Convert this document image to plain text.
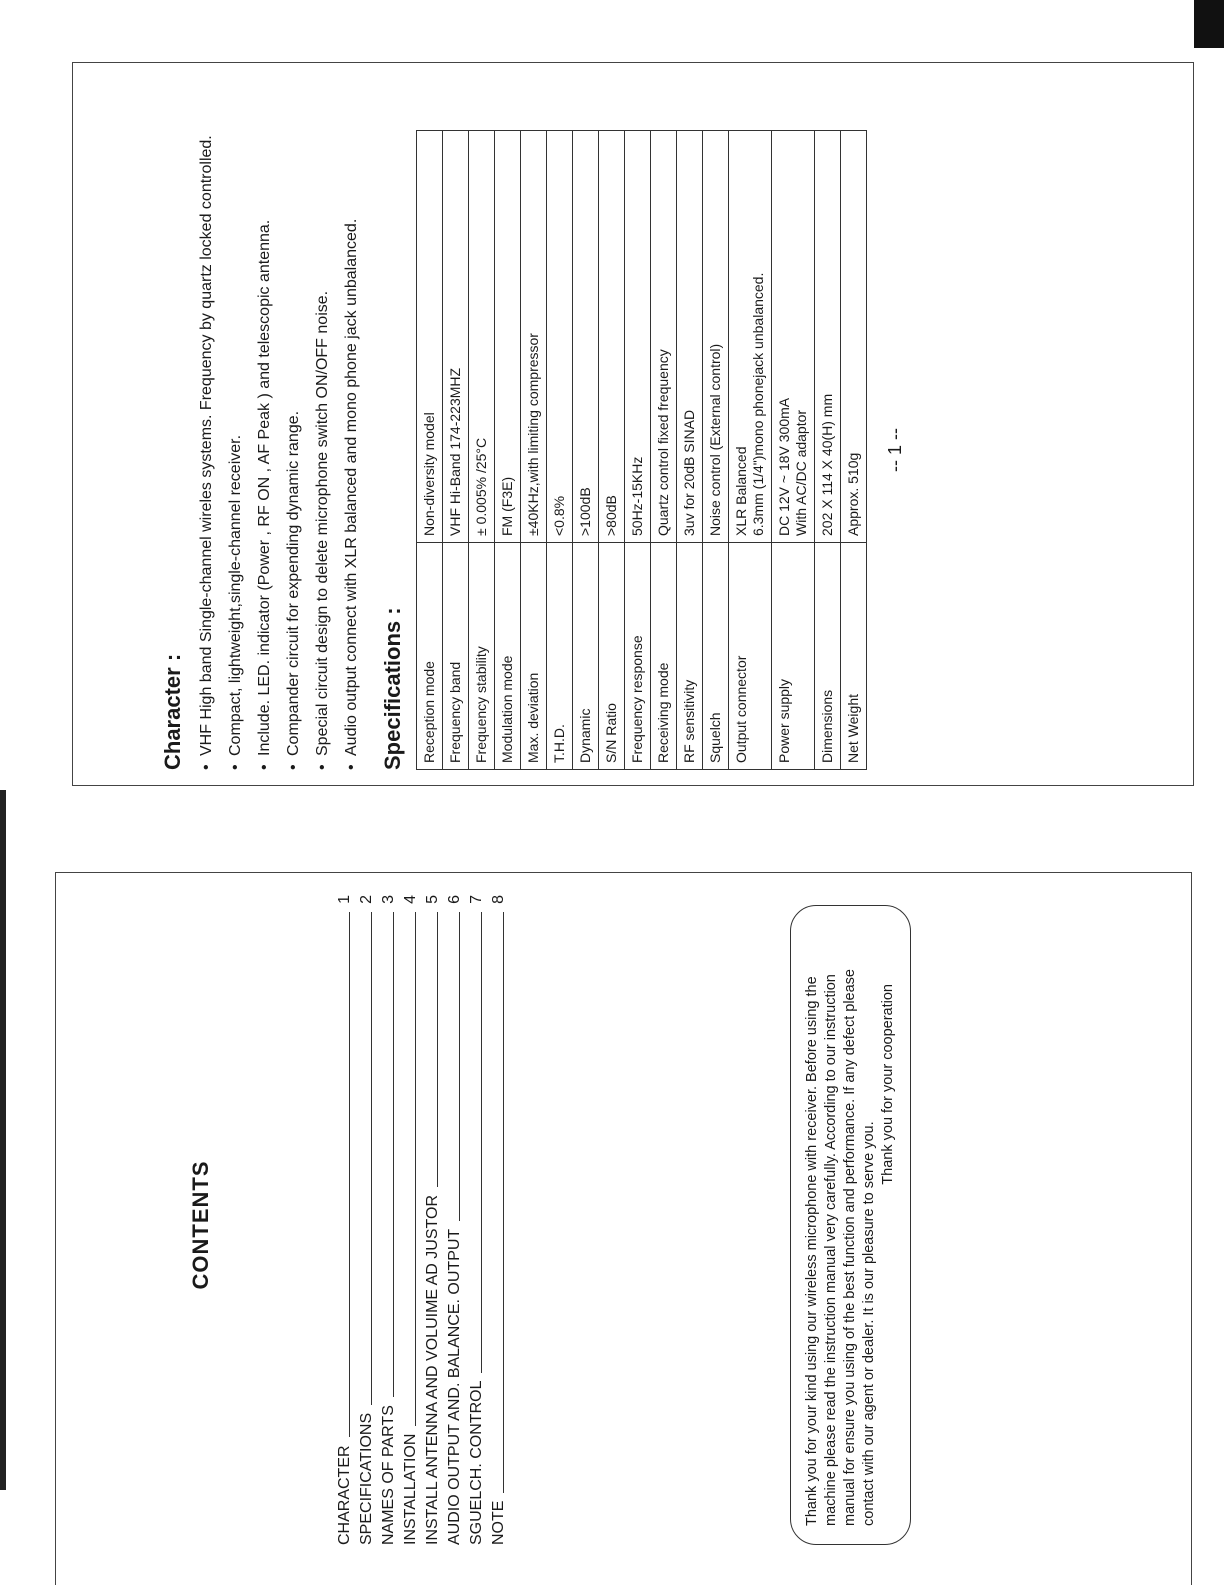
Character : • VHF High band Single-channel wireles systems. Frequency by quartz locked controlled. • Compact, lightweight,single-channel receiver. • Include. LED. indicator (Power , RF ON , AF Peak ) and telescopic antenna. • Compander circuit for expending dynamic range. • Special circuit design to delete microphone switch ON/OFF noise. • Audio output connect with XLR balanced and mono phone jack unbalanced. Specifications : Reception mode	Non-diversity model
Frequency band	VHF Hi-Band 174-223MHZ
Frequency stability	± 0.005% /25°C
Modulation mode	FM (F3E)
Max. deviation	±40KHz,with limiting compressor
T.H.D.	<0.8%
Dynamic	>100dB
S/N Ratio	>80dB
Frequency response	50Hz-15KHz
Receiving mode	Quartz control fixed frequency
RF sensitivity	3uv for 20dB SINAD
Squelch	Noise control (External control)
Output connector	XLR Balanced 6.3mm (1/4")mono phonejack unbalanced.

Power supply	DC 12V ~ 18V 300mA With AC/DC adaptor

Dimensions	202 X 114 X 40(H) mm
Net Weight	Approx. 510g
-- 1 --
CONTENTS
CHARACTER
1
SPECIFICATIONS
2
NAMES OF PARTS
3
INSTALLATION
4
INSTALL ANTENNA AND VOLUIME AD JUSTOR
5
AUDIO OUTPUT AND. BALANCE. OUTPUT
6
SGUELCH. CONTROL
7
NOTE
8
Thank you for your kind using our wireless microphone with receiver. Before using the machine please read the instruction manual very carefully. According to our instruction manual for ensure you using of the best function and performance. If any defect please contact with our agent or dealer. It is our pleasure to serve you.
Thank you for your cooperation
